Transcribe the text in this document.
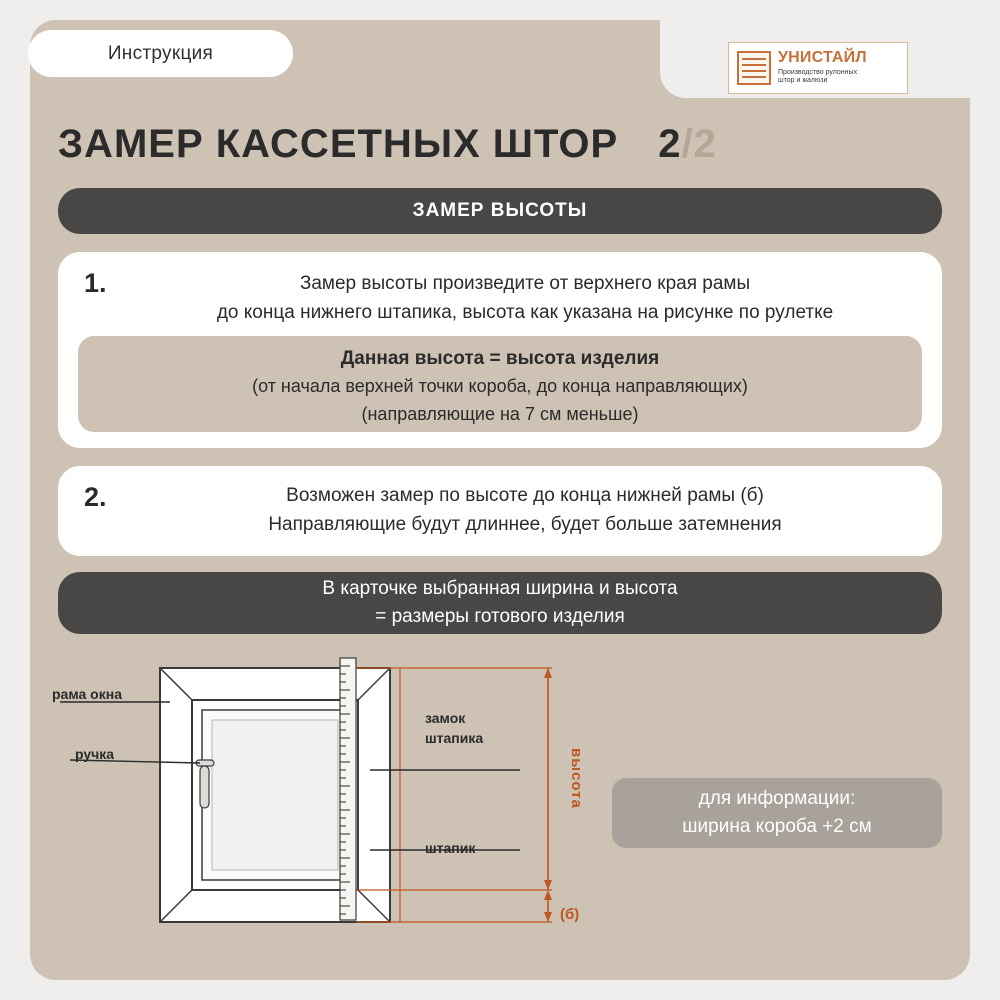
Инструкция	УНИСТАЙЛ
Производство рулонных
штор и жалюзи
ЗАМЕР КАССЕТНЫХ ШТОР 2 / 2
ЗАМЕР ВЫСОТЫ
1.	Замер высоты произведите от верхнего края рамы
до конца нижнего штапика, высота как указана на рисунке по рулетке
Данная высота = высота изделия
(от начала верхней точки короба, до конца направляющих)
(направляющие на 7 см меньше)
2.	Возможен замер по высоте до конца нижней рамы (б)
Направляющие будут длиннее, будет больше затемнения
В карточке выбранная ширина и высота
= размеры готового изделия
для информации:
ширина короба +2 см
рама окна
ручка
замок
штапика
штапик
высота
(б)
